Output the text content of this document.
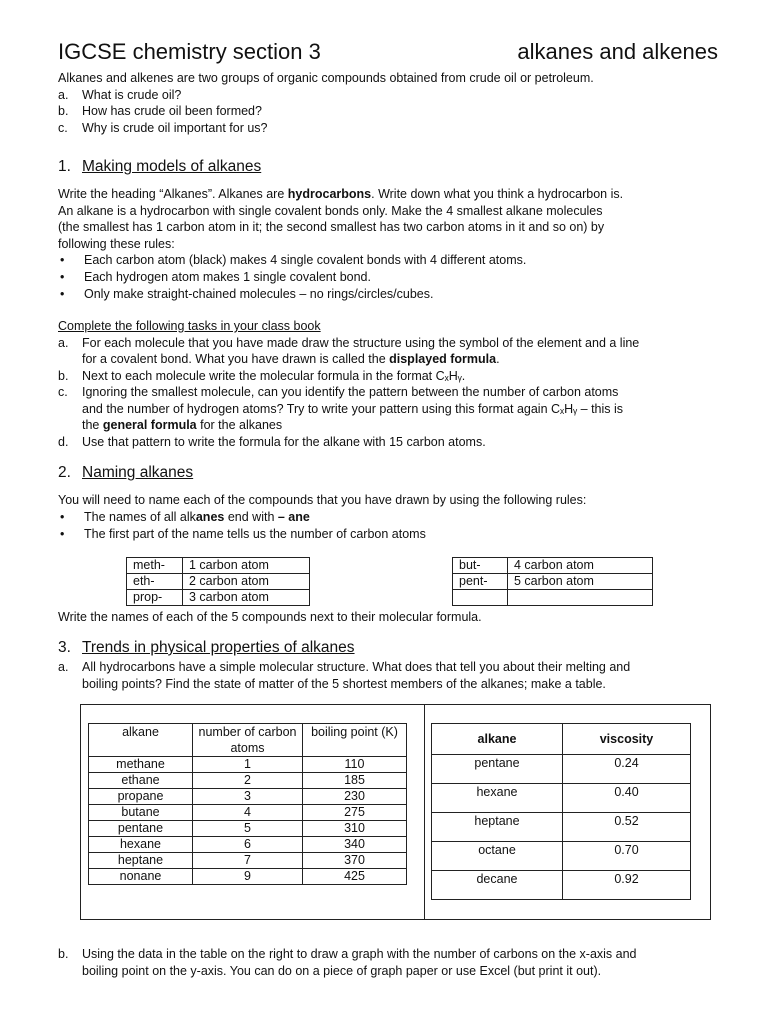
IGCSE chemistry section 3	alkanes and alkenes

Alkanes and alkenes are two groups of organic compounds obtained from crude oil or petroleum.

a.	What is crude oil?
b.	How has crude oil been formed?
c.	Why is crude oil important for us?
1. Making models of alkanes

Write the heading “Alkanes”. Alkanes are hydrocarbons. Write down what you think a hydrocarbon is.

An alkane is a hydrocarbon with single covalent bonds only. Make the 4 smallest alkane molecules

(the smallest has 1 carbon atom in it; the second smallest has two carbon atoms in it and so on) by

following these rules:

•	Each carbon atom (black) makes 4 single covalent bonds with 4 different atoms.
•	Each hydrogen atom makes 1 single covalent bond.
•	Only make straight-chained molecules – no rings/circles/cubes.

Complete the following tasks in your class book

a.	For each molecule that you have made draw the structure using the symbol of the element and a line
for a covalent bond. What you have drawn is called the displayed formula.
b.	Next to each molecule write the molecular formula in the format CₓHᵧ.
c.	Ignoring the smallest molecule, can you identify the pattern between the number of carbon atoms
and the number of hydrogen atoms? Try to write your pattern using this format again CₓHᵧ – this is
the general formula for the alkanes
d.	Use that pattern to write the formula for the alkane with 15 carbon atoms.
2. Naming alkanes

You will need to name each of the compounds that you have drawn by using the following rules:

•	The names of all alkanes end with – ane
•	The first part of the name tells us the number of carbon atoms
meth-	1 carbon atom
eth-	2 carbon atom
prop-	3 carbon atom
but-	4 carbon atom
pent-	5 carbon atom

Write the names of each of the 5 compounds next to their molecular formula.

3. Trends in physical properties of alkanes
a.	All hydrocarbons have a simple molecular structure. What does that tell you about their melting and
boiling points? Find the state of matter of the 5 shortest members of the alkanes; make a table.
alkane	number of carbon atoms	boiling point (K)
methane	1	110
ethane	2	185
propane	3	230
butane	4	275
pentane	5	310
hexane	6	340
heptane	7	370
nonane	9	425
alkane	viscosity
pentane	0.24
hexane	0.40
heptane	0.52
octane	0.70
decane	0.92
b.	Using the data in the table on the right to draw a graph with the number of carbons on the x-axis and
boiling point on the y-axis. You can do on a piece of graph paper or use Excel (but print it out).
